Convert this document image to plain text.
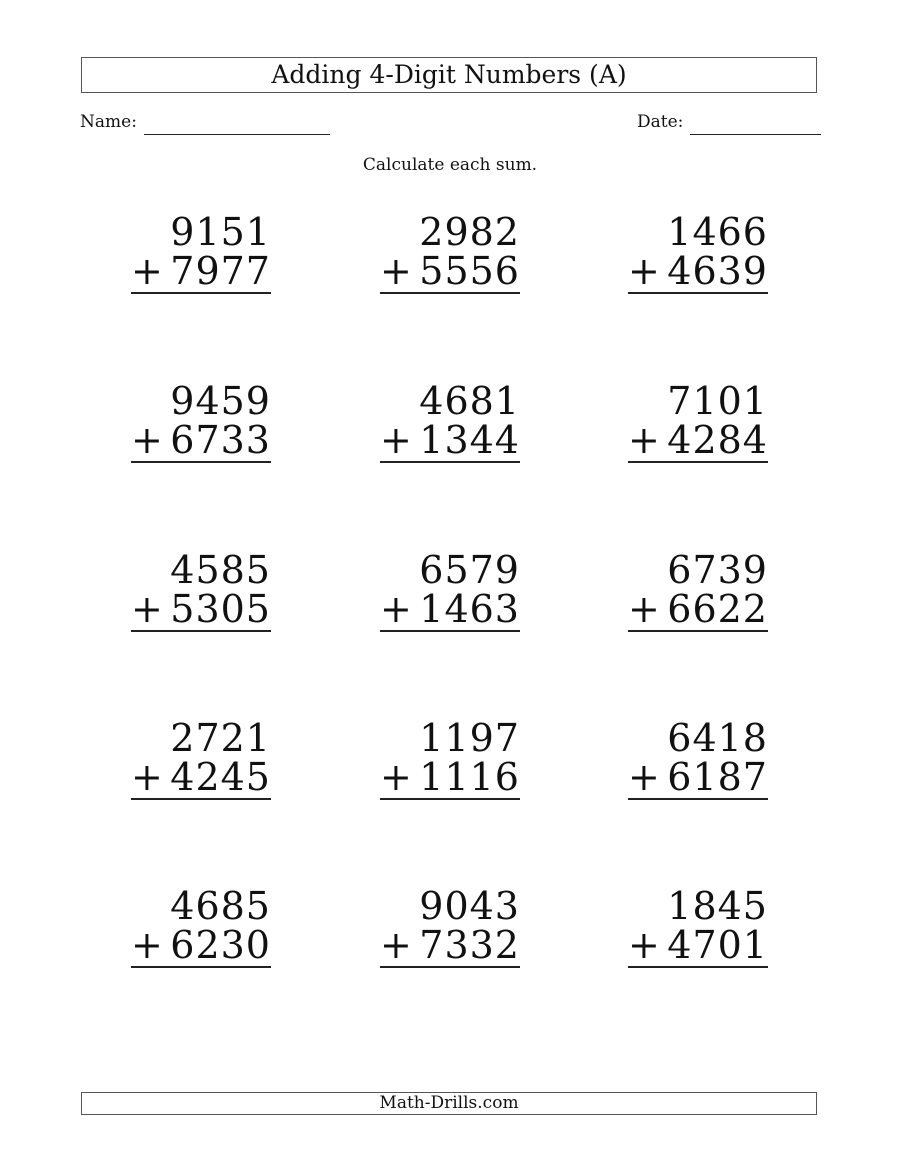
Adding 4-Digit Numbers (A)
Name:	Date:
Calculate each sum.
9151
+ 7977
2982
+ 5556
1466
+ 4639
9459
+ 6733
4681
+ 1344
7101
+ 4284
4585
+ 5305
6579
+ 1463
6739
+ 6622
2721
+ 4245
1197
+ 1116
6418
+ 6187
4685
+ 6230
9043
+ 7332
1845
+ 4701
Math-Drills.com
